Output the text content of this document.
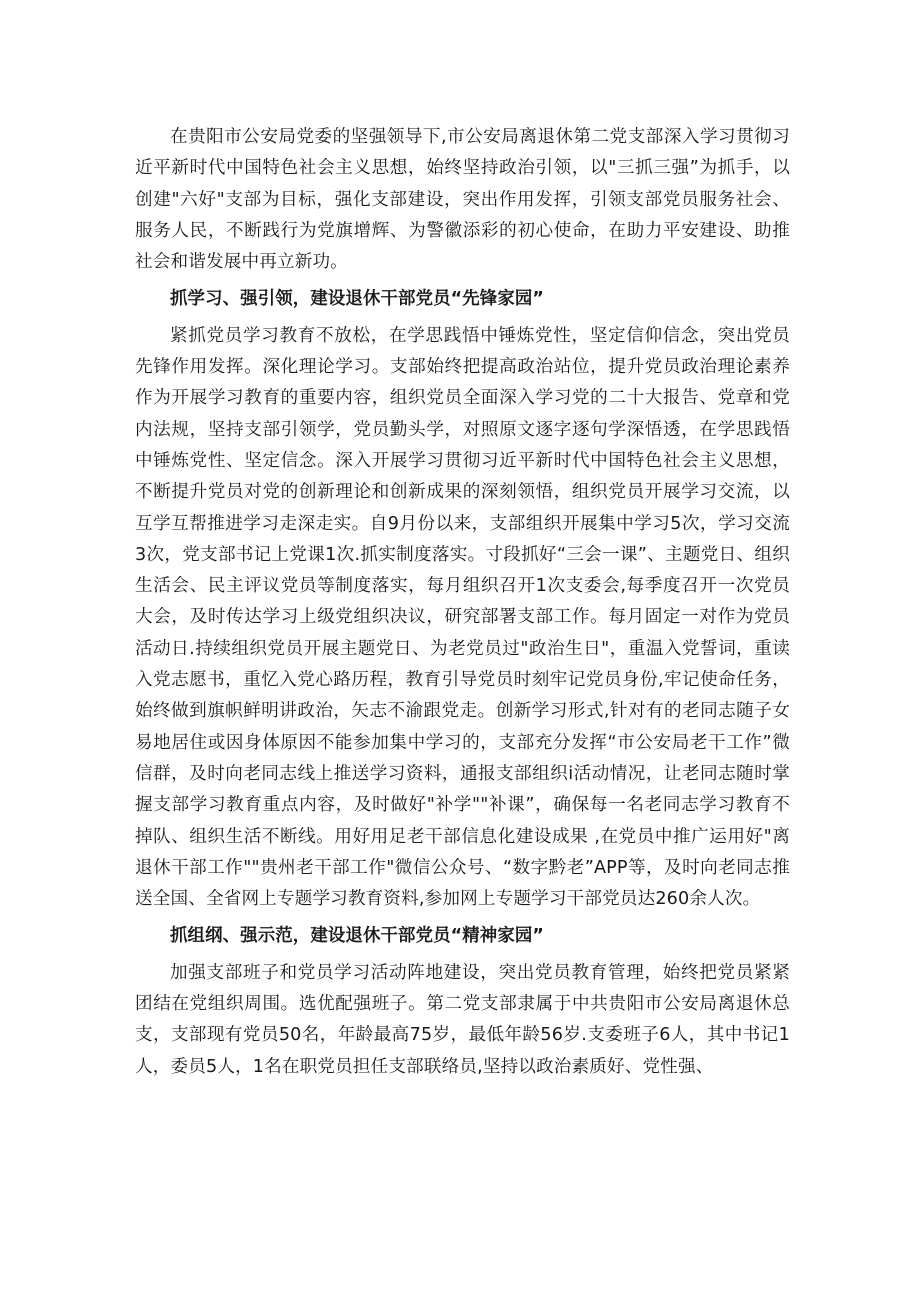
在贵阳市公安局党委的坚强领导下,市公安局离退休第二党支部深入学习贯彻习近平新时代中国特色社会主义思想，始终坚持政治引领，以"三抓三强”为抓手，以创建"六好"支部为目标，强化支部建设，突出作用发挥，引领支部党员服务社会、服务人民，不断践行为党旗增辉、为警徽添彩的初心使命，在助力平安建设、助推社会和谐发展中再立新功。

抓学习、强引领，建设退休干部党员“先锋家园”

紧抓党员学习教育不放松，在学思践悟中锤炼党性，坚定信仰信念，突出党员先锋作用发挥。深化理论学习。支部始终把提高政治站位，提升党员政治理论素养作为开展学习教育的重要内容，组织党员全面深入学习党的二十大报告、党章和党内法规，坚持支部引领学，党员勤头学，对照原文逐字逐句学深悟透，在学思践悟中锤炼党性、坚定信念。深入开展学习贯彻习近平新时代中国特色社会主义思想，不断提升党员对党的创新理论和创新成果的深刻领悟，组织党员开展学习交流，以互学互帮推进学习走深走实。自9月份以来，支部组织开展集中学习5次，学习交流3次，党支部书记上党课1次.抓实制度落实。寸段抓好“三会一课”、主题党日、组织生活会、民主评议党员等制度落实，每月组织召开1次支委会,每季度召开一次党员大会，及时传达学习上级党组织决议，研究部署支部工作。每月固定一对作为党员活动日.持续组织党员开展主题党日、为老党员过"政治生日"，重温入党誓词，重读入党志愿书，重忆入党心路历程，教育引导党员时刻牢记党员身份,牢记使命任务，始终做到旗帜鲜明讲政治，矢志不渝跟党走。创新学习形式,针对有的老同志随子女易地居住或因身体原因不能参加集中学习的，支部充分发挥“市公安局老干工作”微信群，及时向老同志线上推送学习资料，通报支部组织i活动情况，让老同志随时掌握支部学习教育重点内容，及时做好"补学""补课”，确保每一名老同志学习教育不掉队、组织生活不断线。用好用足老干部信息化建设成果 ,在党员中推广运用好"离退休干部工作""贵州老干部工作"微信公众号、“数字黔老”APP等，及时向老同志推送全国、全省网上专题学习教育资料,参加网上专题学习干部党员达260余人次。

抓组纲、强示范，建设退休干部党员“精神家园”

加强支部班子和党员学习活动阵地建设，突出党员教育管理，始终把党员紧紧团结在党组织周围。选优配强班子。第二党支部隶属于中共贵阳市公安局离退休总支，支部现有党员50名，年龄最高75岁，最低年龄56岁.支委班子6人，其中书记1人，委员5人，1名在职党员担任支部联络员,坚持以政治素质好、党性强、
